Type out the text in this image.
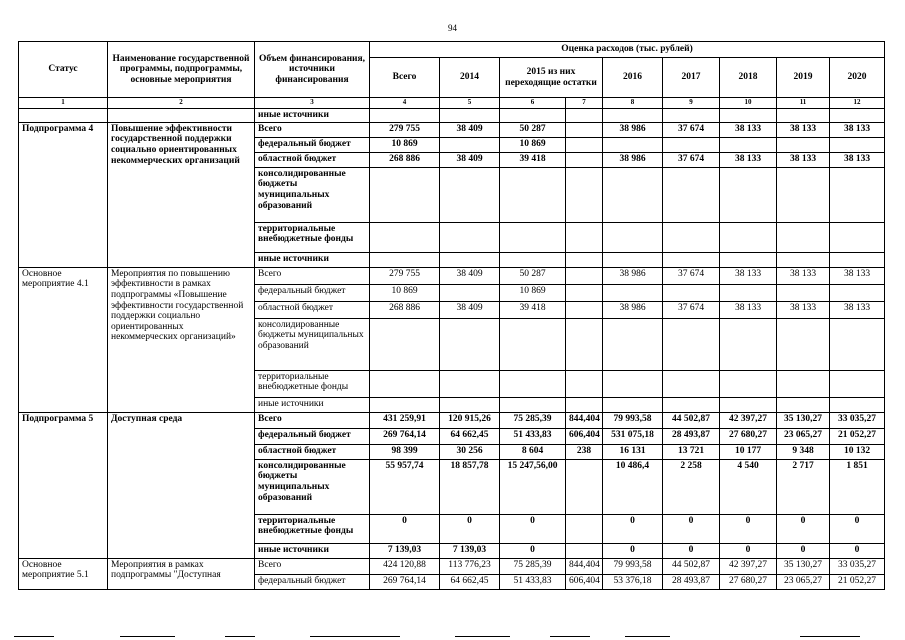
94
Статус	Наименование государственной программы, подпрограммы, основные мероприятия	Объем финансирования, источники финансирования	Оценка расходов (тыс. рублей)								
			Всего	2014	2015 из них переходящие остатки		2016	2017	2018	2019	2020
1	2	3	4	5	6	7	8	9	10	11	12
		иные источники									
Подпрограмма 4	Повышение эффективности государственной поддержки социально ориентированных некоммерческих организаций	Всего	279 755	38 409	50 287		38 986	37 674	38 133	38 133	38 133
		федеральный бюджет	10 869		10 869						
		областной бюджет	268 886	38 409	39 418		38 986	37 674	38 133	38 133	38 133
		консолидированные бюджеты муниципальных образований									
		территориальные внебюджетные фонды									
		иные источники									
Основное мероприятие 4.1	Мероприятия по повышению эффективности в рамках подпрограммы «Повышение эффективности государственной поддержки социально ориентированных некоммерческих организаций»	Всего	279 755	38 409	50 287		38 986	37 674	38 133	38 133	38 133
		федеральный бюджет	10 869		10 869						
		областной бюджет	268 886	38 409	39 418		38 986	37 674	38 133	38 133	38 133
		консолидированные бюджеты муниципальных образований									
		территориальные внебюджетные фонды									
		иные источники									
Подпрограмма 5	Доступная среда	Всего	431 259,91	120 915,26	75 285,39	844,404	79 993,58	44 502,87	42 397,27	35 130,27	33 035,27
		федеральный бюджет	269 764,14	64 662,45	51 433,83	606,404	531 075,18	28 493,87	27 680,27	23 065,27	21 052,27
		областной бюджет	98 399	30 256	8 604	238	16 131	13 721	10 177	9 348	10 132
		консолидированные бюджеты муниципальных образований	55 957,74	18 857,78	15 247,56,00		10 486,4	2 258	4 540	2 717	1 851
		территориальные внебюджетные фонды	0	0	0		0	0	0	0	0
		иные источники	7 139,03	7 139,03	0		0	0	0	0	0
Основное мероприятие 5.1	Мероприятия в рамках подпрограммы "Доступная	Всего	424 120,88	113 776,23	75 285,39	844,404	79 993,58	44 502,87	42 397,27	35 130,27	33 035,27
		федеральный бюджет	269 764,14	64 662,45	51 433,83	606,404	53 376,18	28 493,87	27 680,27	23 065,27	21 052,27
